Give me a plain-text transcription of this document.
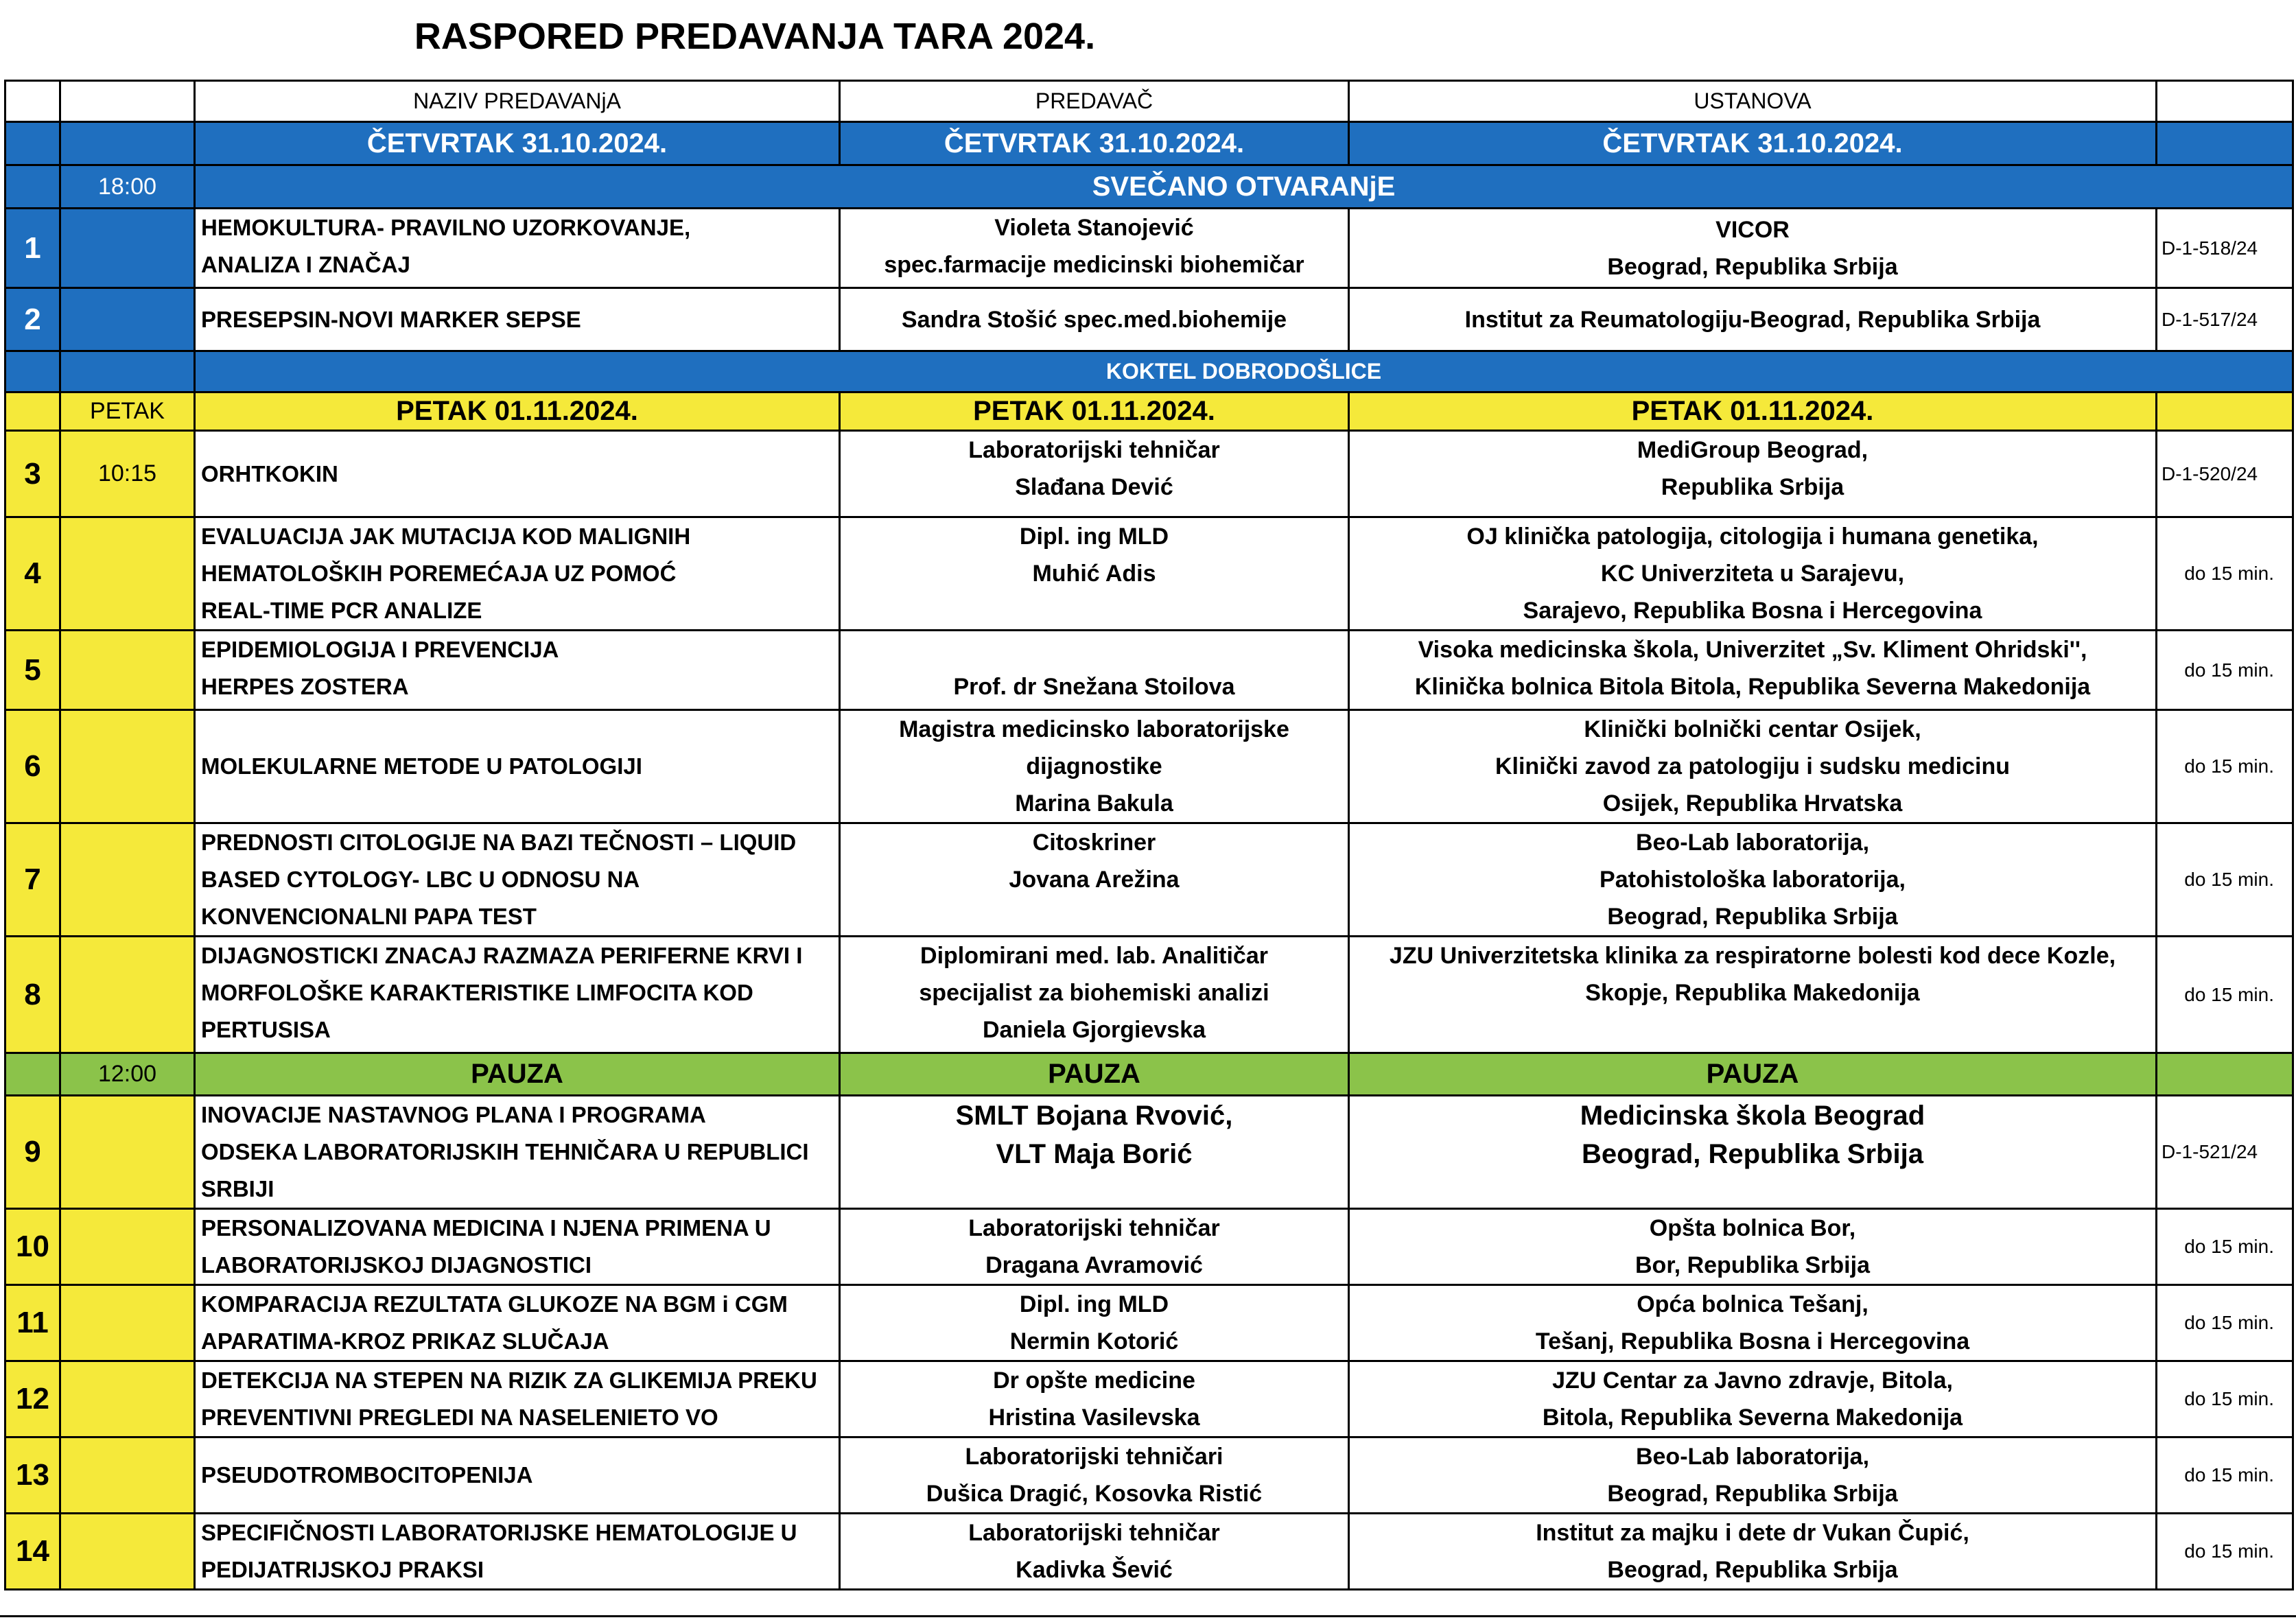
RASPORED PREDAVANJA TARA 2024.
		NAZIV PREDAVANjA	PREDAVAČ	USTANOVA	
		ČETVRTAK 31.10.2024.	ČETVRTAK 31.10.2024.	ČETVRTAK 31.10.2024.	
	18:00	SVEČANO OTVARANjE			
1		HEMOKULTURA- PRAVILNO UZORKOVANJE,
ANALIZA I ZNAČAJ	Violeta Stanojević
spec.farmacije medicinski biohemičar	VICOR
Beograd, Republika Srbija	D-1-518/24
2		PRESEPSIN-NOVI MARKER SEPSE	Sandra Stošić spec.med.biohemije	Institut za Reumatologiju-Beograd, Republika Srbija	D-1-517/24
		KOKTEL DOBRODOŠLICE			
	PETAK	PETAK 01.11.2024.	PETAK 01.11.2024.	PETAK 01.11.2024.	
3	10:15	ORHTKOKIN	Laboratorijski tehničar
Slađana Dević	MediGroup Beograd,
Republika Srbija	D-1-520/24
4		EVALUACIJA JAK MUTACIJA KOD MALIGNIH
HEMATOLOŠKIH POREMEĆAJA UZ POMOĆ
REAL-TIME PCR ANALIZE	Dipl. ing MLD
Muhić Adis	OJ klinička patologija, citologija i humana genetika,
KC Univerziteta u Sarajevu,
Sarajevo, Republika Bosna i Hercegovina	do 15 min.
5		EPIDEMIOLOGIJA I PREVENCIJA
HERPES ZOSTERA	Prof. dr Snežana Stoilova	Visoka medicinska škola, Univerzitet „Sv. Kliment Ohridski'',
Klinička bolnica Bitola Bitola, Republika Severna Makedonija	do 15 min.
6		MOLEKULARNE METODE U PATOLOGIJI	Magistra medicinsko laboratorijske
dijagnostike
Marina Bakula	Klinički bolnički centar Osijek,
Klinički zavod za patologiju i sudsku medicinu
Osijek, Republika Hrvatska	do 15 min.
7		PREDNOSTI CITOLOGIJE NA BAZI TEČNOSTI – LIQUID
BASED CYTOLOGY- LBC U ODNOSU NA
KONVENCIONALNI PAPA TEST	Citoskriner
Jovana Arežina	Beo-Lab laboratorija,
Patohistološka laboratorija,
Beograd, Republika Srbija	do 15 min.
8		DIJAGNOSTICKI ZNACAJ RAZMAZA PERIFERNE KRVI I
MORFOLOŠKE KARAKTERISTIKE LIMFOCITA KOD
PERTUSISA	Diplomirani med. lab. Analitičar
specijalist za biohemiski analizi
Daniela Gjorgievska	JZU Univerzitetska klinika za respiratorne bolesti kod dece Kozle,
Skopje, Republika Makedonija	do 15 min.
	12:00	PAUZA	PAUZA	PAUZA	
9		INOVACIJE NASTAVNOG PLANA I PROGRAMA
ODSEKA LABORATORIJSKIH TEHNIČARA U REPUBLICI
SRBIJI	SMLT Bojana Rvović,
VLT Maja Borić	Medicinska škola Beograd
Beograd, Republika Srbija	D-1-521/24
10		PERSONALIZOVANA MEDICINA I NJENA PRIMENA U
LABORATORIJSKOJ DIJAGNOSTICI	Laboratorijski tehničar
Dragana Avramović	Opšta bolnica Bor,
Bor, Republika Srbija	do 15 min.
11		KOMPARACIJA REZULTATA GLUKOZE NA BGM i CGM
APARATIMA-KROZ PRIKAZ SLUČAJA	Dipl. ing MLD
Nermin Kotorić	Opća bolnica Tešanj,
Tešanj, Republika Bosna i Hercegovina	do 15 min.
12		DETEKCIJA NA STEPEN NA RIZIK ZA GLIKEMIJA PREKU
PREVENTIVNI PREGLEDI NA NASELENIETO VO	Dr opšte medicine
Hristina Vasilevska	JZU Centar za Javno zdravje, Bitola,
Bitola, Republika Severna Makedonija	do 15 min.
13		PSEUDOTROMBOCITOPENIJA	Laboratorijski tehničari
Dušica Dragić, Kosovka Ristić	Beo-Lab laboratorija,
Beograd, Republika Srbija	do 15 min.
14		SPECIFIČNOSTI LABORATORIJSKE HEMATOLOGIJE U
PEDIJATRIJSKOJ PRAKSI	Laboratorijski tehničar
Kadivka Šević	Institut za majku i dete dr Vukan Čupić,
Beograd, Republika Srbija	do 15 min.
